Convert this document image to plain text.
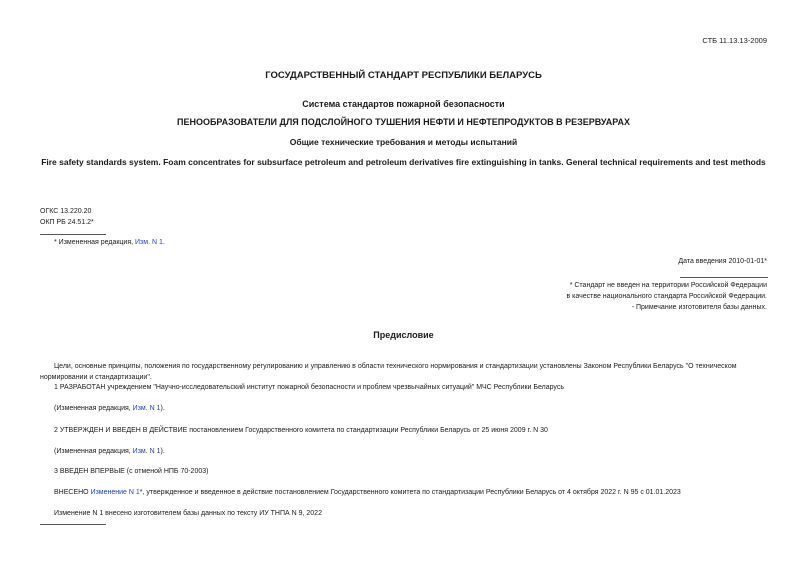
СТБ 11.13.13-2009
ГОСУДАРСТВЕННЫЙ СТАНДАРТ РЕСПУБЛИКИ БЕЛАРУСЬ
Система стандартов пожарной безопасности
ПЕНООБРАЗОВАТЕЛИ ДЛЯ ПОДСЛОЙНОГО ТУШЕНИЯ НЕФТИ И НЕФТЕПРОДУКТОВ В РЕЗЕРВУАРАХ
Общие технические требования и методы испытаний
Fire safety standards system. Foam concentrates for subsurface petroleum and petroleum derivatives fire extinguishing in tanks. General technical requirements and test methods
ОГКС 13.220.20
ОКП РБ 24.51.2*
* Измененная редакция, Изм. N 1.
Дата введения 2010-01-01*
* Стандарт не введен на территории Российской Федерации
в качестве национального стандарта Российской Федерации.
- Примечание изготовителя базы данных.
Предисловие
Цели, основные принципы, положения по государственному регулированию и управлению в области технического нормирования и стандартизации установлены Законом Республики Беларусь "О техническом нормировании и стандартизации".
1 РАЗРАБОТАН учреждением "Научно-исследовательский институт пожарной безопасности и проблем чрезвычайных ситуаций" МЧС Республики Беларусь
(Измененная редакция, Изм. N 1).
2 УТВЕРЖДЕН И ВВЕДЕН В ДЕЙСТВИЕ постановлением Государственного комитета по стандартизации Республики Беларусь от 25 июня 2009 г. N 30
(Измененная редакция, Изм. N 1).
3 ВВЕДЕН ВПЕРВЫЕ (с отменой НПБ 70-2003)
ВНЕСЕНО Изменение N 1*, утвержденное и введенное в действие постановлением Государственного комитета по стандартизации Республики Беларусь от 4 октября 2022 г. N 95 с 01.01.2023
Изменение N 1 внесено изготовителем базы данных по тексту ИУ ТНПА N 9, 2022
